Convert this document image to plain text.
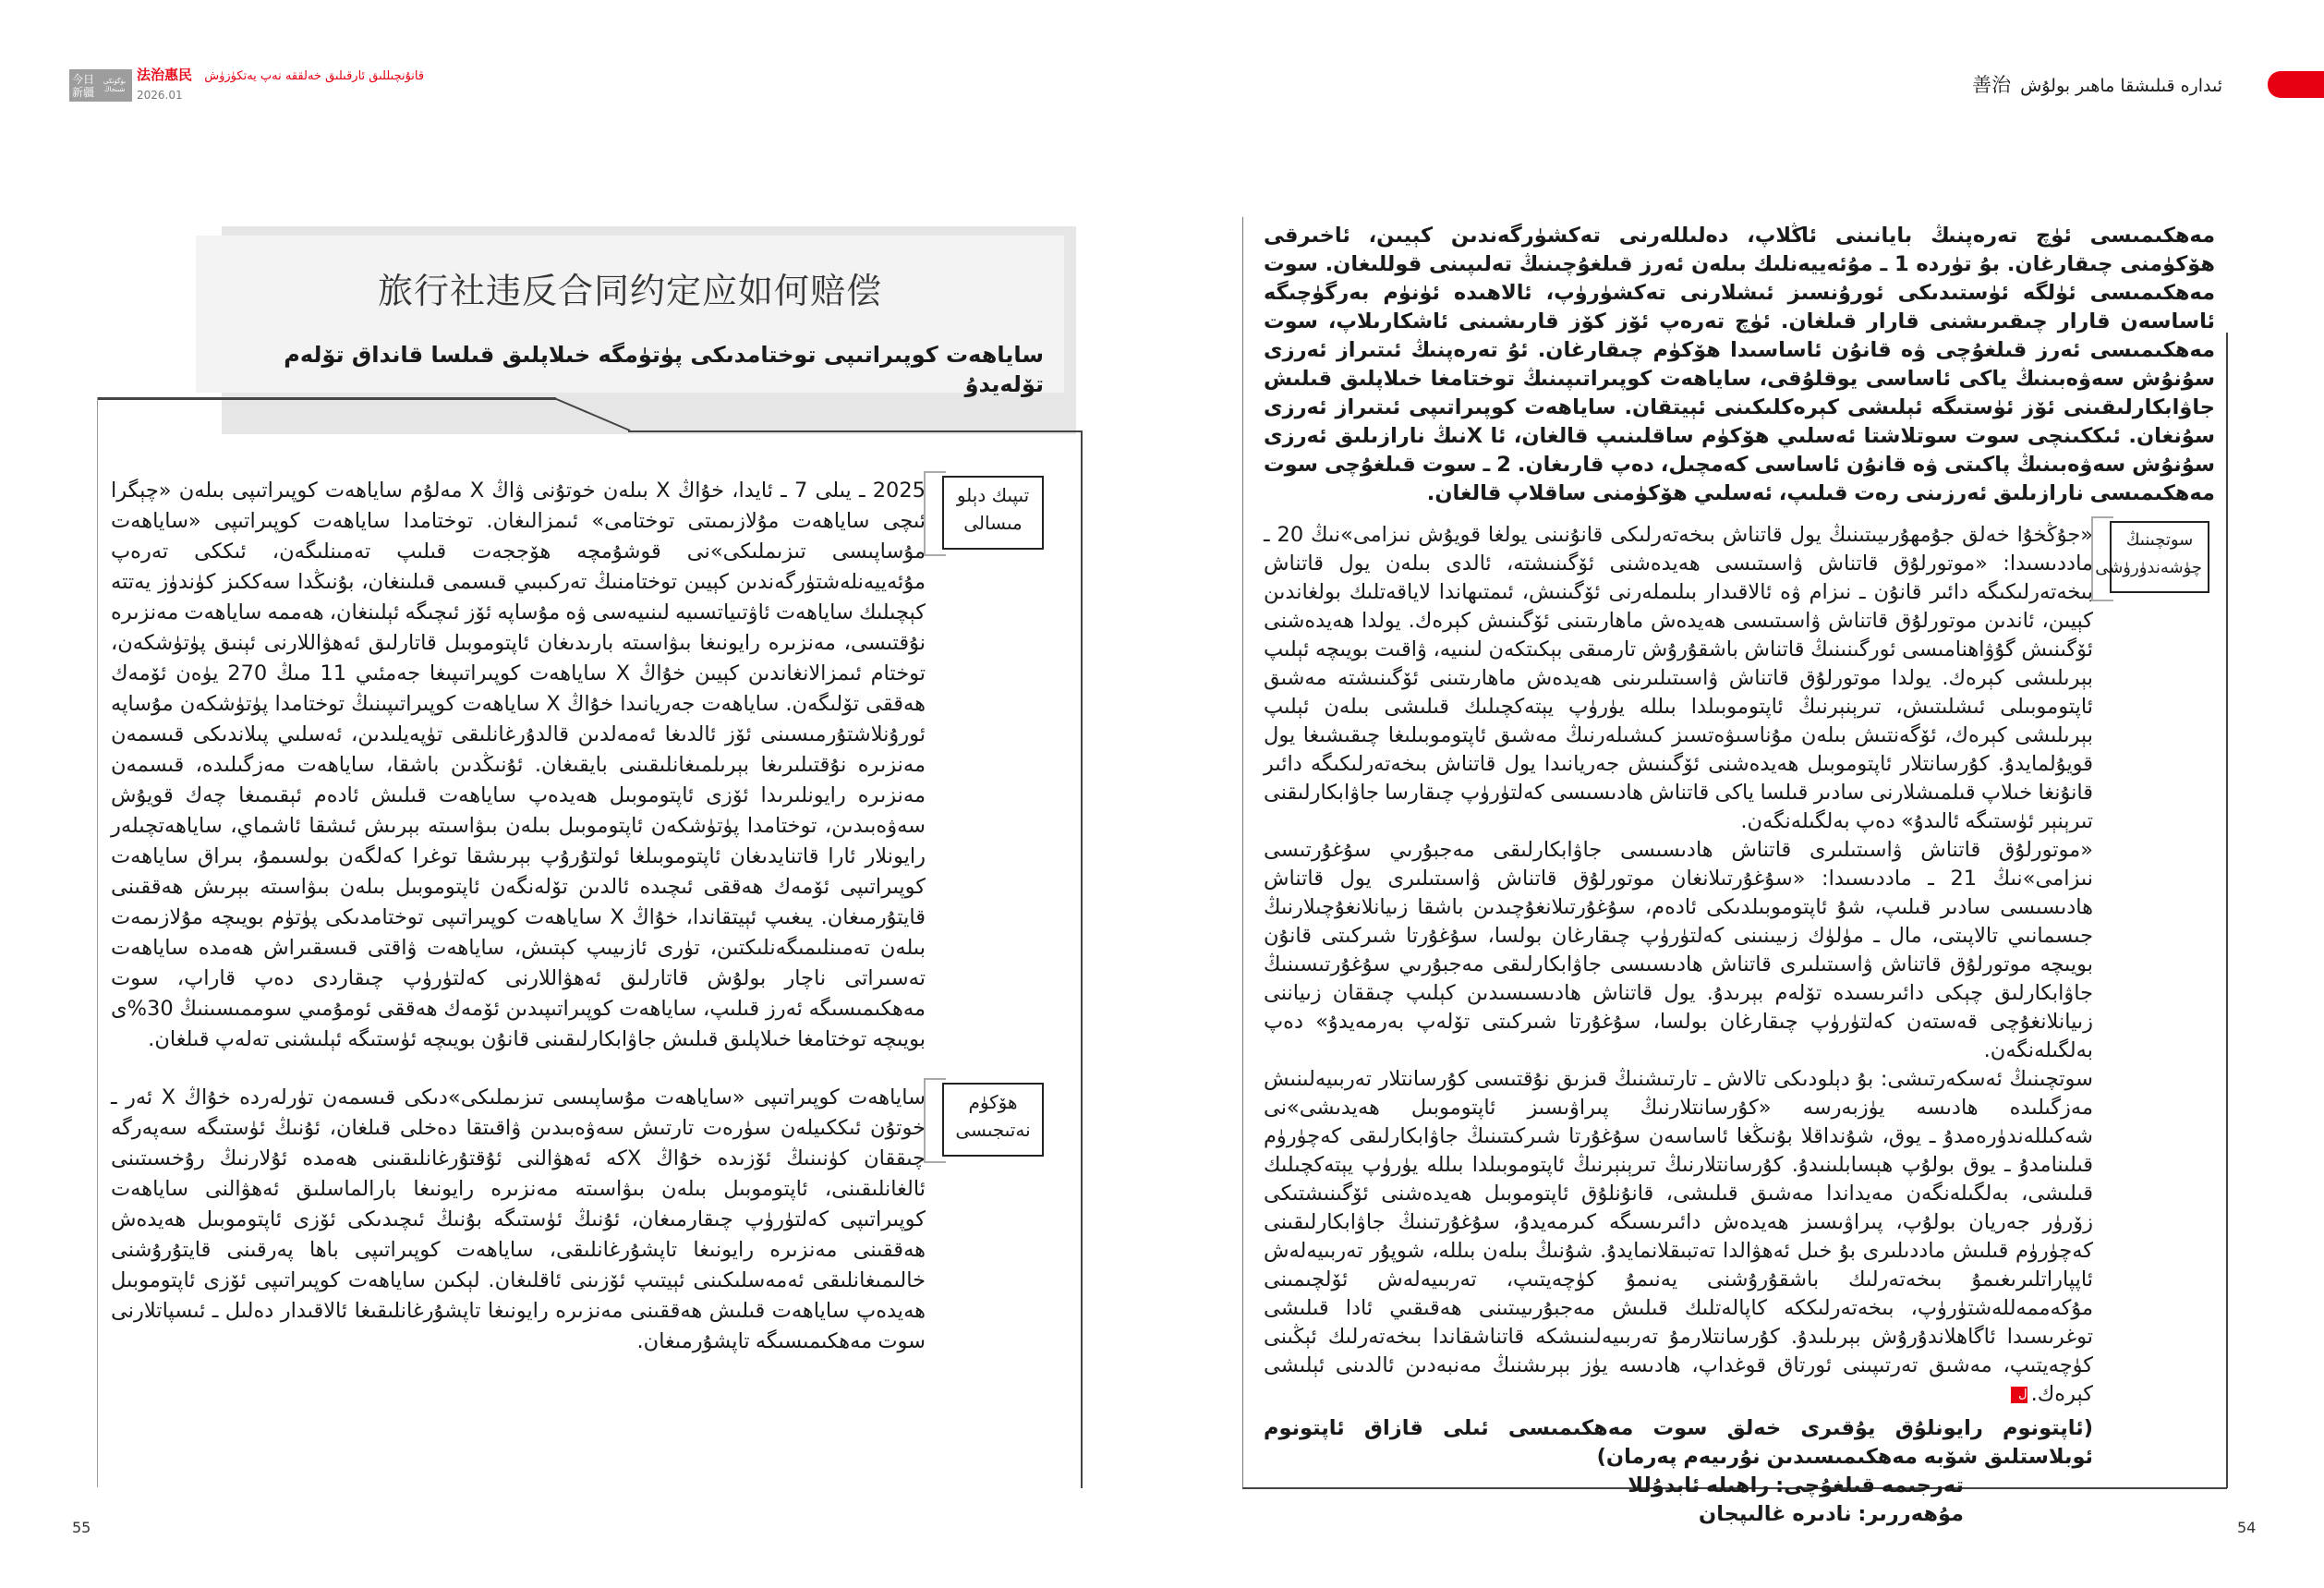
今日新疆
بۈگۈنكى شىنجاڭ
法治惠民 قانۇنچىللىق ئارقىلىق خەلققە نەپ يەتكۈزۈش
2026.01	ئىدارە قىلىشقا ماھىر بولۇش善治
旅行社违反合同约定应如何赔偿
ساياھەت كوپىراتىپى توختامدىكى پۈتۈمگە خىلاپلىق قىلسا قانداق تۆلەم تۆلەيدۇ

2025 ـ يىلى 7 ـ ئايدا، خۇاڭ X بىلەن خوتۇنى ۋاڭ X مەلۇم ساياھەت كوپىراتىپى بىلەن «چېگرا ئىچى ساياھەت مۇلازىمىتى توختامى» ئىمزالىغان. توختامدا ساياھەت كوپىراتىپى «ساياھەت مۇساپىسى تىزىملىكى»نى قوشۇمچە ھۆججەت قىلىپ تەمىنلىگەن، ئىككى تەرەپ مۇئەييەنلەشتۈرگەندىن كېيىن توختامنىڭ تەركىبىي قىسمى قىلىنغان، بۇنىڭدا سەككىز كۈندۈز يەتتە كېچىلىك ساياھەت ئاۋتىياتسىيە لىنىيەسى ۋە مۇساپە ئۆز ئىچىگە ئېلىنغان، ھەممە ساياھەت مەنزىرە نۇقتىسى، مەنزىرە رايونىغا بىۋاسىتە بارىدىغان ئاپتوموبىل قاتارلىق ئەھۋاللارنى ئېنىق پۈتۈشكەن، توختام ئىمزالانغاندىن كېيىن خۇاڭ X ساياھەت كوپىراتىپىغا جەمئىي 11 مىڭ 270 يۈەن ئۆمەك ھەققى تۆلىگەن. ساياھەت جەريانىدا خۇاڭ X ساياھەت كوپىراتىپىنىڭ توختامدا پۈتۈشكەن مۇساپە ئورۇنلاشتۇرمىسىنى ئۆز ئالدىغا ئەمەلدىن قالدۇرغانلىقى تۈپەيلىدىن، ئەسلىي پىلاندىكى قىسمەن مەنزىرە نۇقتىلىرىغا بېرىلمىغانلىقىنى بايقىغان. ئۇنىڭدىن باشقا، ساياھەت مەزگىلىدە، قىسمەن مەنزىرە رايونلىرىدا ئۆزى ئاپتوموبىل ھەيدەپ ساياھەت قىلىش ئادەم ئېقىمىغا چەك قويۇش سەۋەبىدىن، توختامدا پۈتۈشكەن ئاپتوموبىل بىلەن بىۋاسىتە بېرىش ئىشقا ئاشماي، ساياھەتچىلەر رايونلار ئارا قاتنايدىغان ئاپتوموبىلغا ئولتۇرۇپ بېرىشقا توغرا كەلگەن بولسىمۇ، بىراق ساياھەت كوپىراتىپى ئۆمەك ھەققى ئىچىدە ئالدىن تۆلەنگەن ئاپتوموبىل بىلەن بىۋاسىتە بېرىش ھەققىنى قايتۇرمىغان. يىغىپ ئېيتقاندا، خۇاڭ X ساياھەت كوپىراتىپى توختامدىكى پۈتۈم بويىچە مۇلازىمەت بىلەن تەمىنلىمىگەنلىكتىن، تۈرى ئازىيىپ كېتىش، ساياھەت ۋاقتى قىسقىراش ھەمدە ساياھەت تەسىراتى ناچار بولۇش قاتارلىق ئەھۋاللارنى كەلتۈرۈپ چىقاردى دەپ قاراپ، سوت مەھكىمىسىگە ئەرز قىلىپ، ساياھەت كوپىراتىپىدىن ئۆمەك ھەققى ئومۇمىي سوممىسىنىڭ 30%ى بويىچە توختامغا خىلاپلىق قىلىش جاۋابكارلىقىنى قانۇن بويىچە ئۈستىگە ئېلىشنى تەلەپ قىلغان.

تىپىك دېلو مىسالى

ساياھەت كوپىراتىپى «ساياھەت مۇساپىسى تىزىملىكى»دىكى قىسمەن تۈرلەردە خۇاڭ X ئەر ـ خوتۇن ئىككىيلەن سۈرەت تارتىش سەۋەبىدىن ۋاقىتقا دەخلى قىلغان، ئۇنىڭ ئۈستىگە سەپەرگە چىققان كۈنىنىڭ ئۆزىدە خۇاڭ Xكە ئەھۋالنى ئۇقتۇرغانلىقىنى ھەمدە ئۇلارنىڭ رۇخسىتىنى ئالغانلىقىنى، ئاپتوموبىل بىلەن بىۋاسىتە مەنزىرە رايونىغا بارالماسلىق ئەھۋالنى ساياھەت كوپىراتىپى كەلتۈرۈپ چىقارمىغان، ئۇنىڭ ئۈستىگە بۇنىڭ ئىچىدىكى ئۆزى ئاپتوموبىل ھەيدەش ھەققىنى مەنزىرە رايونىغا تاپشۇرغانلىقى، ساياھەت كوپىراتىپى باھا پەرقىنى قايتۇرۇشنى خالىمىغانلىقى ئەمەسلىكىنى ئېيتىپ ئۆزىنى ئاقلىغان. لېكىن ساياھەت كوپىراتىپى ئۆزى ئاپتوموبىل ھەيدەپ ساياھەت قىلىش ھەققىنى مەنزىرە رايونىغا تاپشۇرغانلىقىغا ئالاقىدار دەلىل ـ ئىسپاتلارنى سوت مەھكىمىسىگە تاپشۇرمىغان.

ھۆكۈم نەتىجىسى
55

مەھكىمىسى ئۈچ تەرەپنىڭ بايانىنى ئاڭلاپ، دەلىللەرنى تەكشۈرگەندىن كېيىن، ئاخىرقى ھۆكۈمنى چىقارغان. بۇ تۈردە 1 ـ مۇئەييەنلىك بىلەن ئەرز قىلغۇچىنىڭ تەلىپىنى قوللىغان. سوت مەھكىمىسى ئۈلگە ئۈستىدىكى ئورۇنسىز ئىشلارنى تەكشۈرۈپ، ئالاھىدە ئۈنۈم بەرگۈچىگە ئاساسەن قارار چىقىرىشنى قارار قىلغان. ئۈچ تەرەپ ئۆز كۆز قارىشىنى ئاشكارىلاپ، سوت مەھكىمىسى ئەرز قىلغۇچى ۋە قانۇن ئاساسىدا ھۆكۈم چىقارغان. ئۇ تەرەپنىڭ ئىتىراز ئەرزى سۇنۇش سەۋەبىنىڭ ياكى ئاساسى يوقلۇقى، ساياھەت كوپىراتىپىنىڭ توختامغا خىلاپلىق قىلىش جاۋابكارلىقىنى ئۆز ئۈستىگە ئېلىشى كېرەكلىكىنى ئېيتقان. ساياھەت كوپىراتىپى ئىتىراز ئەرزى سۇنغان. ئىككىنچى سوت سوتلاشتا ئەسلىي ھۆكۈم ساقلىنىپ قالغان، ئا Xنىڭ نارازىلىق ئەرزى سۇنۇش سەۋەبىنىڭ پاكىتى ۋە قانۇن ئاساسى كەمچىل، دەپ قارىغان. 2 ـ سوت قىلغۇچى سوت مەھكىمىسى نارازىلىق ئەرزىنى رەت قىلىپ، ئەسلىي ھۆكۈمنى ساقلاپ قالغان.

«جۇڭخۇا خەلق جۇمھۇرىيىتىنىڭ يول قاتناش بىخەتەرلىكى قانۇنىنى يولغا قويۇش نىزامى»نىڭ 20 ـ ماددىسىدا: «موتورلۇق قاتناش ۋاسىتىسى ھەيدەشنى ئۆگىنىشتە، ئالدى بىلەن يول قاتناش بىخەتەرلىكىگە دائىر قانۇن ـ نىزام ۋە ئالاقىدار بىلىملەرنى ئۆگىنىش، ئىمتىھاندا لاياقەتلىك بولغاندىن كېيىن، ئاندىن موتورلۇق قاتناش ۋاسىتىسى ھەيدەش ماھارىتىنى ئۆگىنىش كېرەك. يولدا ھەيدەشنى ئۆگىنىش گۇۋاھنامىسى ئورگىنىنىڭ قاتناش باشقۇرۇش تارمىقى بېكىتكەن لىنىيە، ۋاقىت بويىچە ئېلىپ بېرىلىشى كېرەك. يولدا موتورلۇق قاتناش ۋاسىتىلىرىنى ھەيدەش ماھارىتىنى ئۆگىنىشتە مەشىق ئاپتوموبىلى ئىشلىتىش، تىرېنېرنىڭ ئاپتوموبىلدا بىللە يۈرۈپ يېتەكچىلىك قىلىشى بىلەن ئېلىپ بېرىلىشى كېرەك، ئۆگەنتىش بىلەن مۇناسىۋەتسىز كىشىلەرنىڭ مەشىق ئاپتوموبىلىغا چىقىشىغا يول قويۇلمايدۇ. كۇرسانتلار ئاپتوموبىل ھەيدەشنى ئۆگىنىش جەريانىدا يول قاتناش بىخەتەرلىكىگە دائىر قانۇنغا خىلاپ قىلمىشلارنى سادىر قىلسا ياكى قاتناش ھادىسىسى كەلتۈرۈپ چىقارسا جاۋابكارلىقنى تىرېنېر ئۈستىگە ئالىدۇ» دەپ بەلگىلەنگەن.

«موتورلۇق قاتناش ۋاسىتىلىرى قاتناش ھادىسىسى جاۋابكارلىقى مەجبۇرىي سۇغۇرتىسى نىزامى»نىڭ 21 ـ ماددىسىدا: «سۇغۇرتىلانغان موتورلۇق قاتناش ۋاسىتىلىرى يول قاتناش ھادىسىسى سادىر قىلىپ، شۇ ئاپتوموبىلدىكى ئادەم، سۇغۇرتىلانغۇچىدىن باشقا زىيانلانغۇچىلارنىڭ جىسمانىي تالاپىتى، مال ـ مۈلۈك زىيىنىنى كەلتۈرۈپ چىقارغان بولسا، سۇغۇرتا شىركىتى قانۇن بويىچە موتورلۇق قاتناش ۋاسىتىلىرى قاتناش ھادىسىسى جاۋابكارلىقى مەجبۇرىي سۇغۇرتىسىنىڭ جاۋابكارلىق چېكى دائىرىسىدە تۆلەم بېرىدۇ. يول قاتناش ھادىسىسىدىن كېلىپ چىققان زىياننى زىيانلانغۇچى قەستەن كەلتۈرۈپ چىقارغان بولسا، سۇغۇرتا شىركىتى تۆلەپ بەرمەيدۇ» دەپ بەلگىلەنگەن.

سوتچىنىڭ ئەسكەرتىشى: بۇ دېلودىكى تالاش ـ تارتىشنىڭ قىزىق نۇقتىسى كۇرسانتلار تەربىيەلىنىش مەزگىلىدە ھادىسە يۈزبەرسە «كۇرسانتلارنىڭ پىراۋىسىز ئاپتوموبىل ھەيدىشى»نى شەكىللەندۈرەمدۇ ـ يوق، شۇنداقلا بۇنىڭغا ئاساسەن سۇغۇرتا شىركىتىنىڭ جاۋابكارلىقى كەچۈرۈم قىلىنامدۇ ـ يوق بولۇپ ھېسابلىنىدۇ. كۇرسانتلارنىڭ تىرېنېرنىڭ ئاپتوموبىلدا بىللە يۈرۈپ يېتەكچىلىك قىلىشى، بەلگىلەنگەن مەيداندا مەشىق قىلىشى، قانۇنلۇق ئاپتوموبىل ھەيدەشنى ئۆگىنىشتىكى زۆرۈر جەريان بولۇپ، پىراۋىسىز ھەيدەش دائىرىسىگە كىرمەيدۇ، سۇغۇرتىنىڭ جاۋابكارلىقىنى كەچۈرۈم قىلىش ماددىلىرى بۇ خىل ئەھۋالدا تەتبىقلانمايدۇ. شۇنىڭ بىلەن بىللە، شوپۇر تەربىيەلەش ئاپپاراتلىرىغىمۇ بىخەتەرلىك باشقۇرۇشنى يەنىمۇ كۈچەيتىپ، تەربىيەلەش ئۆلچىمىنى مۇكەممەللەشتۈرۈپ، بىخەتەرلىككە كاپالەتلىك قىلىش مەجبۇرىيىتىنى ھەقىقىي ئادا قىلىشى توغرىسىدا ئاگاھلاندۇرۇش بېرىلىدۇ. كۇرسانتلارمۇ تەربىيەلىنىشكە قاتناشقاندا بىخەتەرلىك ئېڭىنى كۈچەيتىپ، مەشىق تەرتىپىنى ئورتاق قوغداپ، ھادىسە يۈز بېرىشنىڭ مەنبەدىن ئالدىنى ئېلىشى كېرەك.ل

(ئاپتونوم رايونلۇق يۇقىرى خەلق سوت مەھكىمىسى ئىلى قازاق ئاپتونوم ئوبلاستلىق شۆبە مەھكىمىسىدىن نۇرىيەم پەرمان)

تەرجىمە قىلغۇچى: راھىلە ئابدۇللا

مۇھەررىر: نادىرە غالىپجان

سوتچىنىڭ چۈشەندۈرۈشى
54
